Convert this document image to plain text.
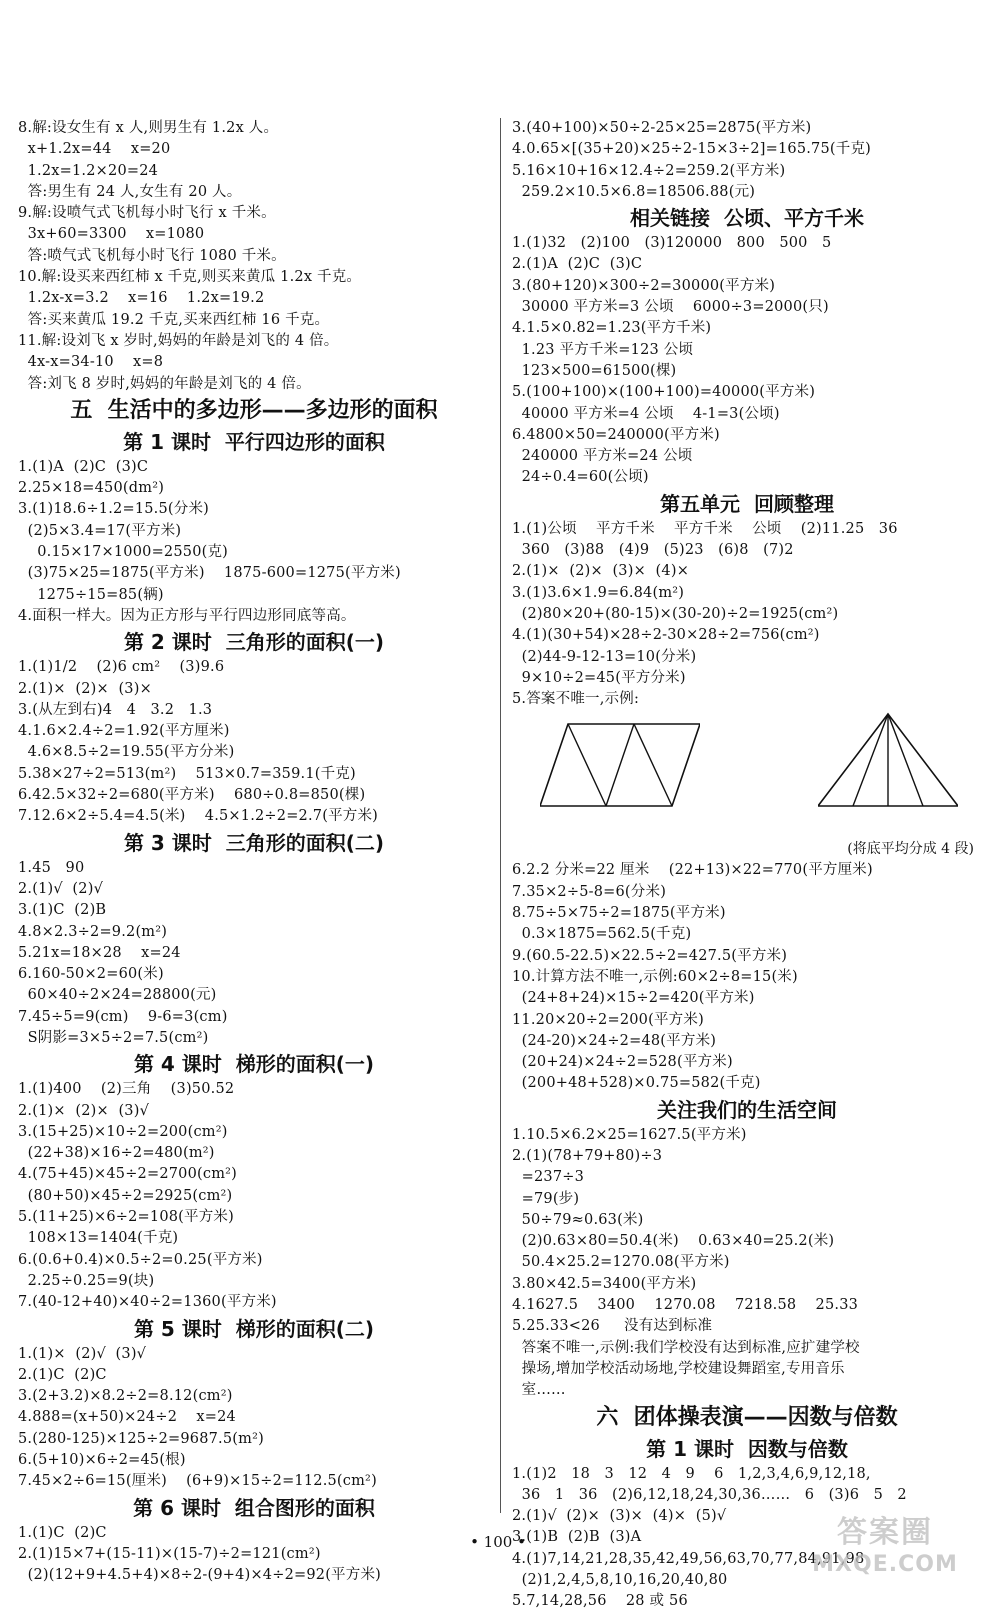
8.解:设女生有 x 人,则男生有 1.2x 人。
x+1.2x=44    x=20
1.2x=1.2×20=24
答:男生有 24 人,女生有 20 人。
9.解:设喷气式飞机每小时飞行 x 千米。
3x+60=3300    x=1080
答:喷气式飞机每小时飞行 1080 千米。
10.解:设买来西红柿 x 千克,则买来黄瓜 1.2x 千克。
1.2x-x=3.2    x=16    1.2x=19.2
答:买来黄瓜 19.2 千克,买来西红柿 16 千克。
11.解:设刘飞 x 岁时,妈妈的年龄是刘飞的 4 倍。
4x-x=34-10    x=8
答:刘飞 8 岁时,妈妈的年龄是刘飞的 4 倍。
五  生活中的多边形——多边形的面积
第 1 课时  平行四边形的面积
1.(1)A  (2)C  (3)C
2.25×18=450(dm²)
3.(1)18.6÷1.2=15.5(分米)
(2)5×3.4=17(平方米)
0.15×17×1000=2550(克)
(3)75×25=1875(平方米)    1875-600=1275(平方米)
1275÷15=85(辆)
4.面积一样大。因为正方形与平行四边形同底等高。
第 2 课时  三角形的面积(一)
1.(1)1/2    (2)6 cm²    (3)9.6
2.(1)×  (2)×  (3)×
3.(从左到右)4   4   3.2   1.3
4.1.6×2.4÷2=1.92(平方厘米)
4.6×8.5÷2=19.55(平方分米)
5.38×27÷2=513(m²)    513×0.7=359.1(千克)
6.42.5×32÷2=680(平方米)    680÷0.8=850(棵)
7.12.6×2÷5.4=4.5(米)    4.5×1.2÷2=2.7(平方米)
第 3 课时  三角形的面积(二)
1.45   90
2.(1)√  (2)√
3.(1)C  (2)B
4.8×2.3÷2=9.2(m²)
5.21x=18×28    x=24
6.160-50×2=60(米)
60×40÷2×24=28800(元)
7.45÷5=9(cm)    9-6=3(cm)
S阴影=3×5÷2=7.5(cm²)
第 4 课时  梯形的面积(一)
1.(1)400    (2)三角    (3)50.52
2.(1)×  (2)×  (3)√
3.(15+25)×10÷2=200(cm²)
(22+38)×16÷2=480(m²)
4.(75+45)×45÷2=2700(cm²)
(80+50)×45÷2=2925(cm²)
5.(11+25)×6÷2=108(平方米)
108×13=1404(千克)
6.(0.6+0.4)×0.5÷2=0.25(平方米)
2.25÷0.25=9(块)
7.(40-12+40)×40÷2=1360(平方米)
第 5 课时  梯形的面积(二)
1.(1)×  (2)√  (3)√
2.(1)C  (2)C
3.(2+3.2)×8.2÷2=8.12(cm²)
4.888=(x+50)×24÷2    x=24
5.(280-125)×125÷2=9687.5(m²)
6.(5+10)×6÷2=45(根)
7.45×2÷6=15(厘米)    (6+9)×15÷2=112.5(cm²)
第 6 课时  组合图形的面积
1.(1)C  (2)C
2.(1)15×7+(15-11)×(15-7)÷2=121(cm²)
(2)(12+9+4.5+4)×8÷2-(9+4)×4÷2=92(平方米)
3.(40+100)×50÷2-25×25=2875(平方米)
4.0.65×[(35+20)×25÷2-15×3÷2]=165.75(千克)
5.16×10+16×12.4÷2=259.2(平方米)
259.2×10.5×6.8=18506.88(元)
相关链接  公顷、平方千米
1.(1)32   (2)100   (3)120000   800   500   5
2.(1)A  (2)C  (3)C
3.(80+120)×300÷2=30000(平方米)
30000 平方米=3 公顷    6000÷3=2000(只)
4.1.5×0.82=1.23(平方千米)
1.23 平方千米=123 公顷
123×500=61500(棵)
5.(100+100)×(100+100)=40000(平方米)
40000 平方米=4 公顷    4-1=3(公顷)
6.4800×50=240000(平方米)
240000 平方米=24 公顷
24÷0.4=60(公顷)
第五单元  回顾整理
1.(1)公顷    平方千米    平方千米    公顷    (2)11.25   36
360   (3)88   (4)9   (5)23   (6)8   (7)2
2.(1)×  (2)×  (3)×  (4)×
3.(1)3.6×1.9=6.84(m²)
(2)80×20+(80-15)×(30-20)÷2=1925(cm²)
4.(1)(30+54)×28÷2-30×28÷2=756(cm²)
(2)44-9-12-13=10(分米)
9×10÷2=45(平方分米)
5.答案不唯一,示例:
(将底平均分成 4 段)
6.2.2 分米=22 厘米    (22+13)×22=770(平方厘米)
7.35×2÷5-8=6(分米)
8.75÷5×75÷2=1875(平方米)
0.3×1875=562.5(千克)
9.(60.5-22.5)×22.5÷2=427.5(平方米)
10.计算方法不唯一,示例:60×2÷8=15(米)
(24+8+24)×15÷2=420(平方米)
11.20×20÷2=200(平方米)
(24-20)×24÷2=48(平方米)
(20+24)×24÷2=528(平方米)
(200+48+528)×0.75=582(千克)
关注我们的生活空间
1.10.5×6.2×25=1627.5(平方米)
2.(1)(78+79+80)÷3
=237÷3
=79(步)
50÷79≈0.63(米)
(2)0.63×80=50.4(米)    0.63×40=25.2(米)
50.4×25.2=1270.08(平方米)
3.80×42.5=3400(平方米)
4.1627.5    3400    1270.08    7218.58    25.33
5.25.33<26     没有达到标准
答案不唯一,示例:我们学校没有达到标准,应扩建学校
操场,增加学校活动场地,学校建设舞蹈室,专用音乐
室……
六  团体操表演——因数与倍数
第 1 课时  因数与倍数
1.(1)2   18   3   12   4   9    6   1,2,3,4,6,9,12,18,
36   1   36   (2)6,12,18,24,30,36……   6   (3)6   5   2
2.(1)√  (2)×  (3)×  (4)×  (5)√
3.(1)B  (2)B  (3)A
4.(1)7,14,21,28,35,42,49,56,63,70,77,84,91,98
(2)1,2,4,5,8,10,16,20,40,80
5.7,14,28,56    28 或 56
• 100 •	答案圈
MXQE.COM
